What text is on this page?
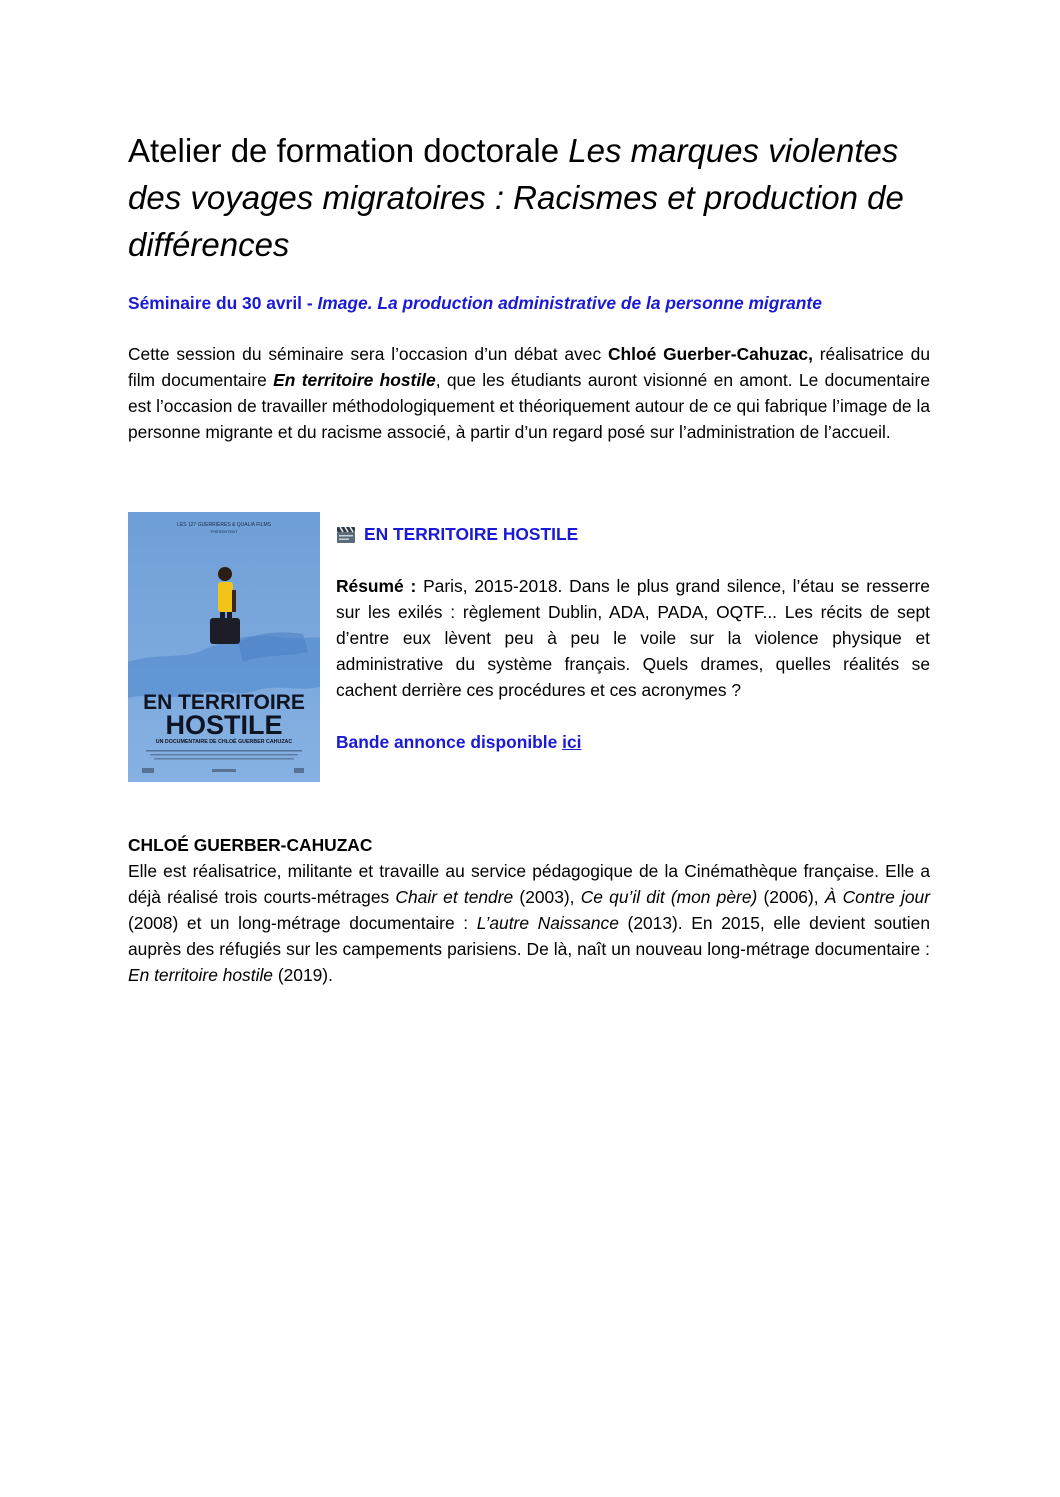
Atelier de formation doctorale Les marques violentes des voyages migratoires : Racismes et production de différences
Séminaire du 30 avril - Image. La production administrative de la personne migrante

Cette session du séminaire sera l’occasion d’un débat avec Chloé Guerber-Cahuzac, réalisatrice du film documentaire En territoire hostile, que les étudiants auront visionné en amont. Le documentaire est l’occasion de travailler méthodologiquement et théoriquement autour de ce qui fabrique l’image de la personne migrante et du racisme associé, à partir d’un regard posé sur l’administration de l’accueil.

LES 127 GUERRIÈRES & QUALIA FILMS
PRÉSENTENT
EN TERRITOIRE
HOSTILE
UN DOCUMENTAIRE DE CHLOÉ GUERBER CAHUZAC
EN TERRITOIRE HOSTILE
Résumé : Paris, 2015-2018. Dans le plus grand silence, l’étau se resserre sur les exilés : règlement Dublin, ADA, PADA, OQTF... Les récits de sept d’entre eux lèvent peu à peu le voile sur la violence physique et administrative du système français. Quels drames, quelles réalités se cachent derrière ces procédures et ces acronymes ?
Bande annonce disponible ici
CHLOÉ GUERBER-CAHUZAC

Elle est réalisatrice, militante et travaille au service pédagogique de la Cinémathèque française. Elle a déjà réalisé trois courts-métrages Chair et tendre (2003), Ce qu’il dit (mon père) (2006), À Contre jour (2008) et un long-métrage documentaire : L’autre Naissance (2013). En 2015, elle devient soutien auprès des réfugiés sur les campements parisiens. De là, naît un nouveau long-métrage documentaire : En territoire hostile (2019).
